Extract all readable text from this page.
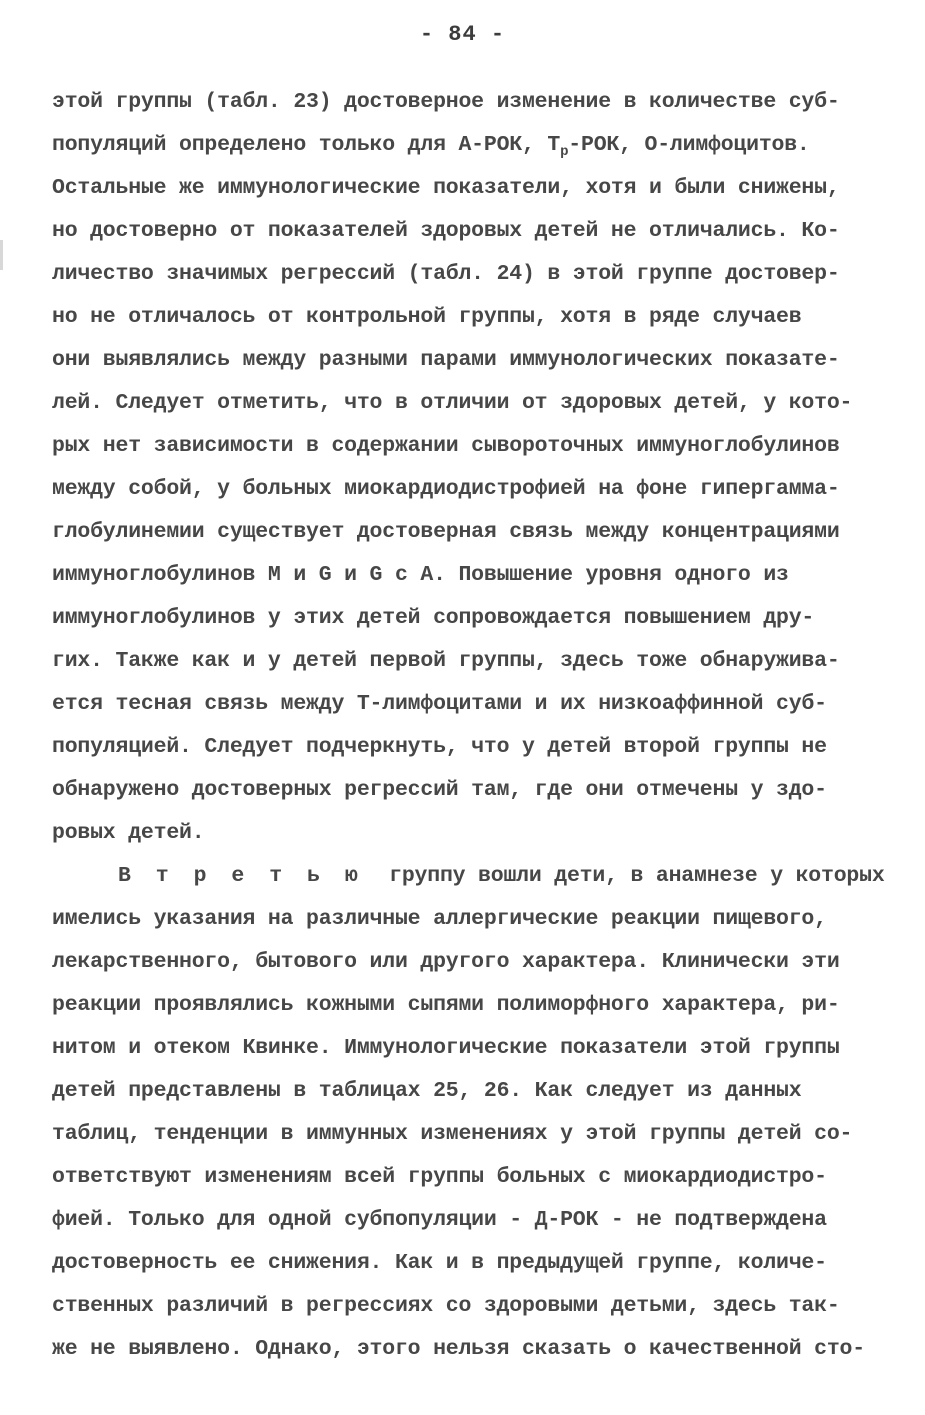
- 84 -
этой группы (табл. 23) достоверное изменение в количестве суб-
популяций определено только для А-РОК, $Т_р$-РОК, О-лимфоцитов.
Остальные же иммунологические показатели, хотя и были снижены,
но достоверно от показателей здоровых детей не отличались. Ко-
личество значимых регрессий (табл. 24) в этой группе достовер-
но не отличалось от контрольной группы, хотя в ряде случаев
они выявлялись между разными парами иммунологических показате-
лей. Следует отметить, что в отличии от здоровых детей, у кото-
рых нет зависимости в содержании сывороточных иммуноглобулинов
между собой, у больных миокардиодистрофией на фоне гипергамма-
глобулинемии существует достоверная связь между концентрациями
иммуноглобулинов M и G и G с A. Повышение уровня одного из
иммуноглобулинов у этих детей сопровождается повышением дру-
гих. Также как и у детей первой группы, здесь тоже обнаружива-
ется тесная связь между Т-лимфоцитами и их низкоаффинной суб-
популяцией. Следует подчеркнуть, что у детей второй группы не
обнаружено достоверных регрессий там, где они отмечены у здо-
ровых детей.
В т р е т ь ю  группу вошли дети, в анамнезе у которых
имелись указания на различные аллергические реакции пищевого,
лекарственного, бытового или другого характера. Клинически эти
реакции проявлялись кожными сыпями полиморфного характера, ри-
нитом и отеком Квинке. Иммунологические показатели этой группы
детей представлены в таблицах 25, 26. Как следует из данных
таблиц, тенденции в иммунных изменениях у этой группы детей со-
ответствуют изменениям всей группы больных с миокардиодистро-
фией. Только для одной субпопуляции - Д-РОК - не подтверждена
достоверность ее снижения. Как и в предыдущей группе, количе-
ственных различий в регрессиях со здоровыми детьми, здесь так-
же не выявлено. Однако, этого нельзя сказать о качественной сто-
